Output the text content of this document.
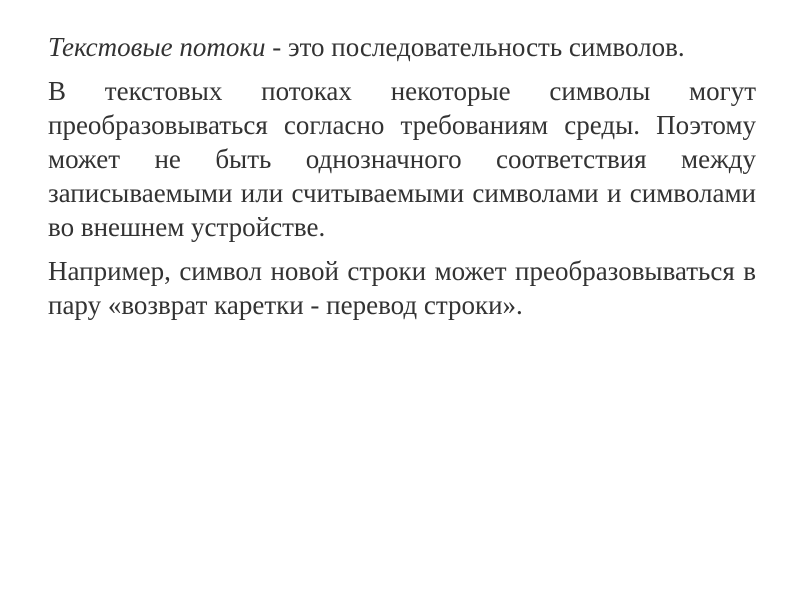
Текстовые потоки - это последовательность символов.

В текстовых потоках некоторые символы могут преобразовываться согласно требованиям среды. Поэтому может не быть однозначного соответствия между записываемыми или считываемыми символами и символами во внешнем устройстве.

Например, символ новой строки может преобразовываться в пару «возврат каретки - перевод строки».
